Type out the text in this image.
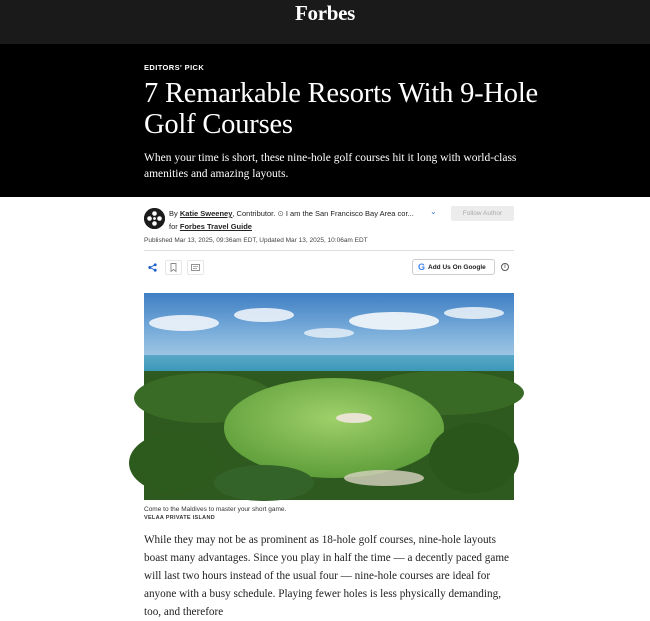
Forbes
EDITORS' PICK
7 Remarkable Resorts With 9-Hole Golf Courses

When your time is short, these nine-hole golf courses hit it long with world-class amenities and amazing layouts.

By Katie Sweeney, Contributor. ⊙ I am the San Francisco Bay Area cor... ⌄
for Forbes Travel Guide
Follow Author
Published Mar 13, 2025, 09:36am EDT, Updated Mar 13, 2025, 10:06am EDT
G Add Us On Google	i
Come to the Maldives to master your short game.
VELAA PRIVATE ISLAND

While they may not be as prominent as 18-hole golf courses, nine-hole layouts boast many advantages. Since you play in half the time — a decently paced game will last two hours instead of the usual four — nine-hole courses are ideal for anyone with a busy schedule. Playing fewer holes is less physically demanding, too, and therefore
